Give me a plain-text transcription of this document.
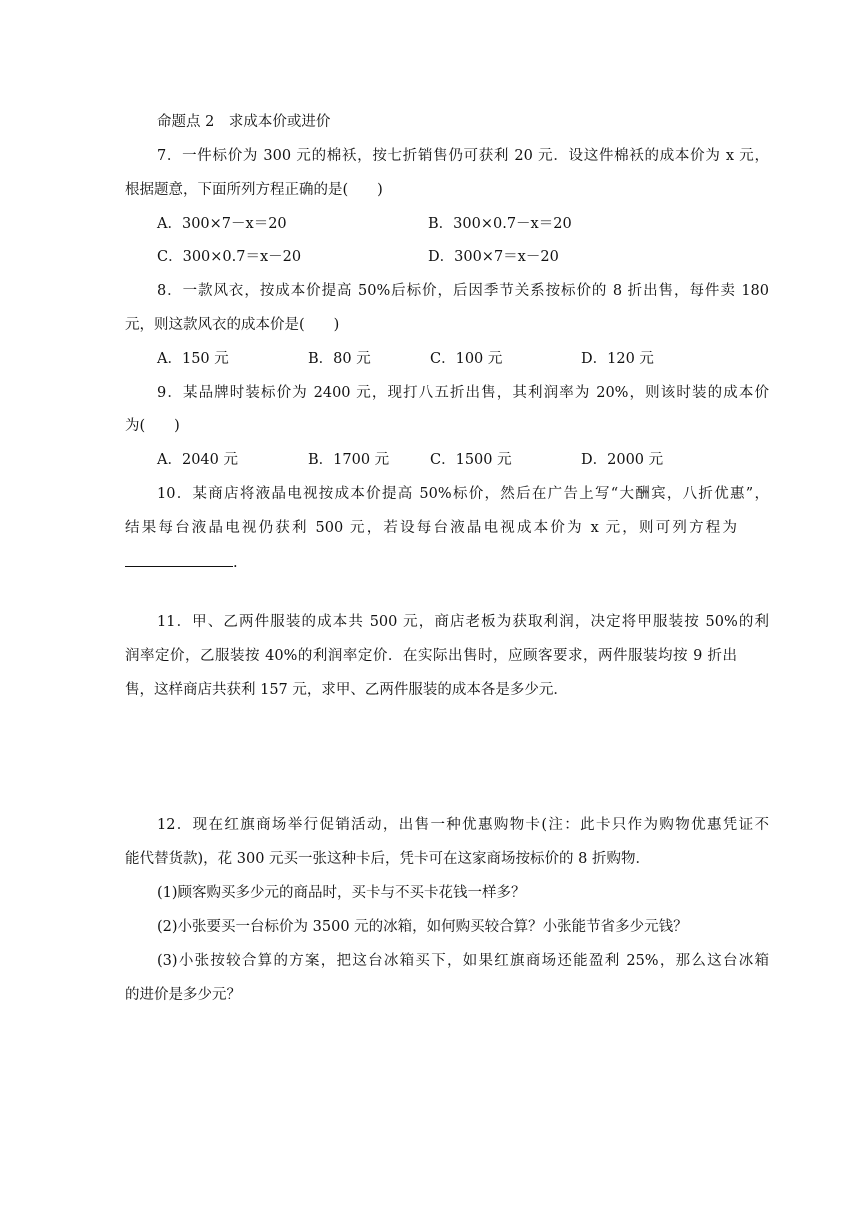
命题点 2　求成本价或进价
7．一件标价为 300 元的棉袄，按七折销售仍可获利 20 元．设这件棉袄的成本价为 x 元，
根据题意，下面所列方程正确的是(　　)
A．300×7－x＝20	B．300×0.7－x＝20
C．300×0.7＝x－20	D．300×7＝x－20
8．一款风衣，按成本价提高 50%后标价，后因季节关系按标价的 8 折出售，每件卖 180
元，则这款风衣的成本价是(　　)
A．150 元	B．80 元	C．100 元	D．120 元
9．某品牌时装标价为 2400 元，现打八五折出售，其利润率为 20%，则该时装的成本价
为(　　)
A．2040 元	B．1700 元	C．1500 元	D．2000 元
10．某商店将液晶电视按成本价提高 50%标价，然后在广告上写“大酬宾，八折优惠”，
结果每台液晶电视仍获利 500 元，若设每台液晶电视成本价为 x 元，则可列方程为
.
11．甲、乙两件服装的成本共 500 元，商店老板为获取利润，决定将甲服装按 50%的利
润率定价，乙服装按 40%的利润率定价．在实际出售时，应顾客要求，两件服装均按 9 折出
售，这样商店共获利 157 元，求甲、乙两件服装的成本各是多少元．
12．现在红旗商场举行促销活动，出售一种优惠购物卡(注：此卡只作为购物优惠凭证不
能代替货款)，花 300 元买一张这种卡后，凭卡可在这家商场按标价的 8 折购物．
(1)顾客购买多少元的商品时，买卡与不买卡花钱一样多？
(2)小张要买一台标价为 3500 元的冰箱，如何购买较合算？小张能节省多少元钱？
(3)小张按较合算的方案，把这台冰箱买下，如果红旗商场还能盈利 25%，那么这台冰箱
的进价是多少元？
